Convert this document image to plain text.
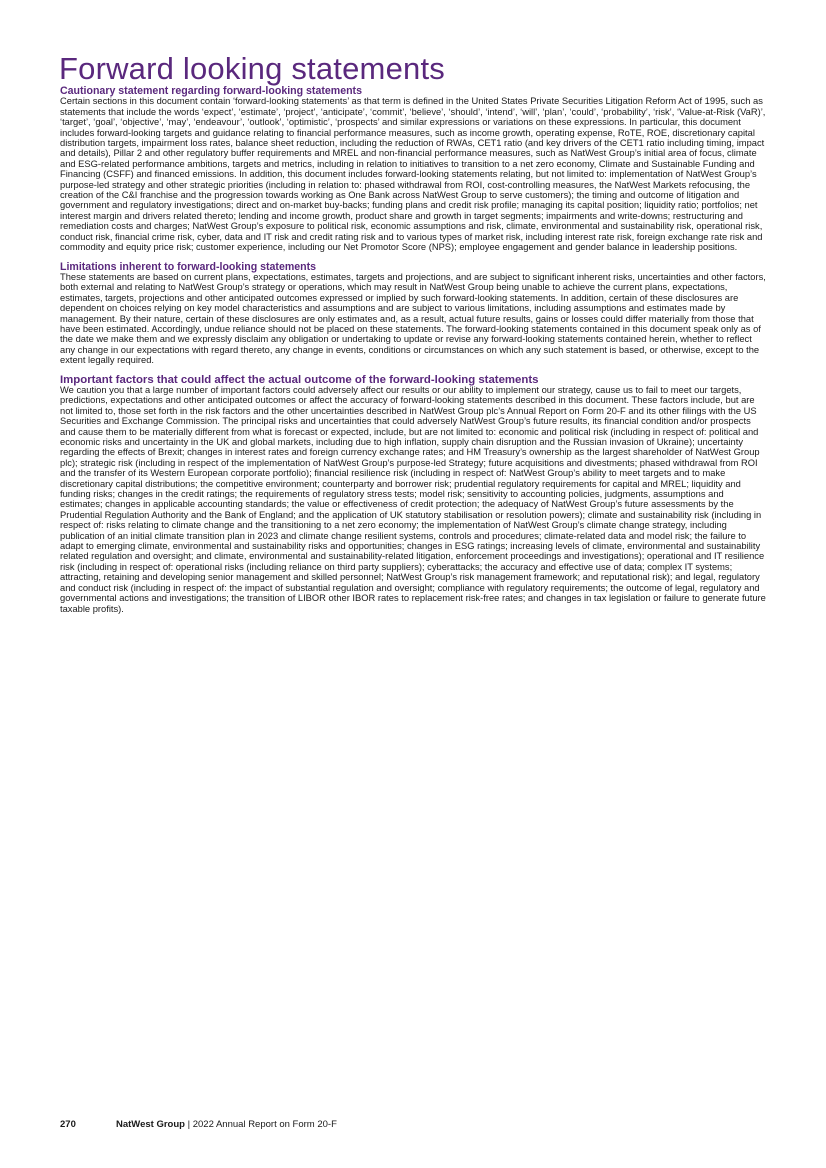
Forward looking statements
Cautionary statement regarding forward-looking statements

Certain sections in this document contain ‘forward-looking statements’ as that term is defined in the United States Private Securities Litigation Reform Act of 1995, such as statements that include the words ‘expect’, ‘estimate’, ‘project’, ‘anticipate’, ‘commit’, ‘believe’, ‘should’, ‘intend’, ‘will’, ‘plan’, ‘could’, ‘probability’, ‘risk’, ‘Value-at-Risk (VaR)’, ‘target’, ‘goal’, ‘objective’, ‘may’, ‘endeavour’, ‘outlook’, ‘optimistic’, ‘prospects’ and similar expressions or variations on these expressions. In particular, this document includes forward-looking targets and guidance relating to financial performance measures, such as income growth, operating expense, RoTE, ROE, discretionary capital distribution targets, impairment loss rates, balance sheet reduction, including the reduction of RWAs, CET1 ratio (and key drivers of the CET1 ratio including timing, impact and details), Pillar 2 and other regulatory buffer requirements and MREL and non-financial performance measures, such as NatWest Group’s initial area of focus, climate and ESG-related performance ambitions, targets and metrics, including in relation to initiatives to transition to a net zero economy, Climate and Sustainable Funding and Financing (CSFF) and financed emissions. In addition, this document includes forward-looking statements relating, but not limited to: implementation of NatWest Group’s purpose-led strategy and other strategic priorities (including in relation to: phased withdrawal from ROI, cost-controlling measures, the NatWest Markets refocusing, the creation of the C&I franchise and the progression towards working as One Bank across NatWest Group to serve customers); the timing and outcome of litigation and government and regulatory investigations; direct and on-market buy-backs; funding plans and credit risk profile; managing its capital position; liquidity ratio; portfolios; net interest margin and drivers related thereto; lending and income growth, product share and growth in target segments; impairments and write-downs; restructuring and remediation costs and charges; NatWest Group’s exposure to political risk, economic assumptions and risk, climate, environmental and sustainability risk, operational risk, conduct risk, financial crime risk, cyber, data and IT risk and credit rating risk and to various types of market risk, including interest rate risk, foreign exchange rate risk and commodity and equity price risk; customer experience, including our Net Promotor Score (NPS); employee engagement and gender balance in leadership positions.

Limitations inherent to forward-looking statements

These statements are based on current plans, expectations, estimates, targets and projections, and are subject to significant inherent risks, uncertainties and other factors, both external and relating to NatWest Group’s strategy or operations, which may result in NatWest Group being unable to achieve the current plans, expectations, estimates, targets, projections and other anticipated outcomes expressed or implied by such forward-looking statements. In addition, certain of these disclosures are dependent on choices relying on key model characteristics and assumptions and are subject to various limitations, including assumptions and estimates made by management. By their nature, certain of these disclosures are only estimates and, as a result, actual future results, gains or losses could differ materially from those that have been estimated. Accordingly, undue reliance should not be placed on these statements. The forward-looking statements contained in this document speak only as of the date we make them and we expressly disclaim any obligation or undertaking to update or revise any forward-looking statements contained herein, whether to reflect any change in our expectations with regard thereto, any change in events, conditions or circumstances on which any such statement is based, or otherwise, except to the extent legally required.

Important factors that could affect the actual outcome of the forward-looking statements

We caution you that a large number of important factors could adversely affect our results or our ability to implement our strategy, cause us to fail to meet our targets, predictions, expectations and other anticipated outcomes or affect the accuracy of forward-looking statements described in this document. These factors include, but are not limited to, those set forth in the risk factors and the other uncertainties described in NatWest Group plc’s Annual Report on Form 20-F and its other filings with the US Securities and Exchange Commission. The principal risks and uncertainties that could adversely NatWest Group’s future results, its financial condition and/or prospects and cause them to be materially different from what is forecast or expected, include, but are not limited to: economic and political risk (including in respect of: political and economic risks and uncertainty in the UK and global markets, including due to high inflation, supply chain disruption and the Russian invasion of Ukraine); uncertainty regarding the effects of Brexit; changes in interest rates and foreign currency exchange rates; and HM Treasury’s ownership as the largest shareholder of NatWest Group plc); strategic risk (including in respect of the implementation of NatWest Group’s purpose-led Strategy; future acquisitions and divestments; phased withdrawal from ROI and the transfer of its Western European corporate portfolio); financial resilience risk (including in respect of: NatWest Group’s ability to meet targets and to make discretionary capital distributions; the competitive environment; counterparty and borrower risk; prudential regulatory requirements for capital and MREL; liquidity and funding risks; changes in the credit ratings; the requirements of regulatory stress tests; model risk; sensitivity to accounting policies, judgments, assumptions and estimates; changes in applicable accounting standards; the value or effectiveness of credit protection; the adequacy of NatWest Group’s future assessments by the Prudential Regulation Authority and the Bank of England; and the application of UK statutory stabilisation or resolution powers); climate and sustainability risk (including in respect of: risks relating to climate change and the transitioning to a net zero economy; the implementation of NatWest Group’s climate change strategy, including publication of an initial climate transition plan in 2023 and climate change resilient systems, controls and procedures; climate-related data and model risk; the failure to adapt to emerging climate, environmental and sustainability risks and opportunities; changes in ESG ratings; increasing levels of climate, environmental and sustainability related regulation and oversight; and climate, environmental and sustainability-related litigation, enforcement proceedings and investigations); operational and IT resilience risk (including in respect of: operational risks (including reliance on third party suppliers); cyberattacks; the accuracy and effective use of data; complex IT systems; attracting, retaining and developing senior management and skilled personnel; NatWest Group’s risk management framework; and reputational risk); and legal, regulatory and conduct risk (including in respect of: the impact of substantial regulation and oversight; compliance with regulatory requirements; the outcome of legal, regulatory and governmental actions and investigations; the transition of LIBOR other IBOR rates to replacement risk-free rates; and changes in tax legislation or failure to generate future taxable profits).

270	NatWest Group | 2022 Annual Report on Form 20-F
